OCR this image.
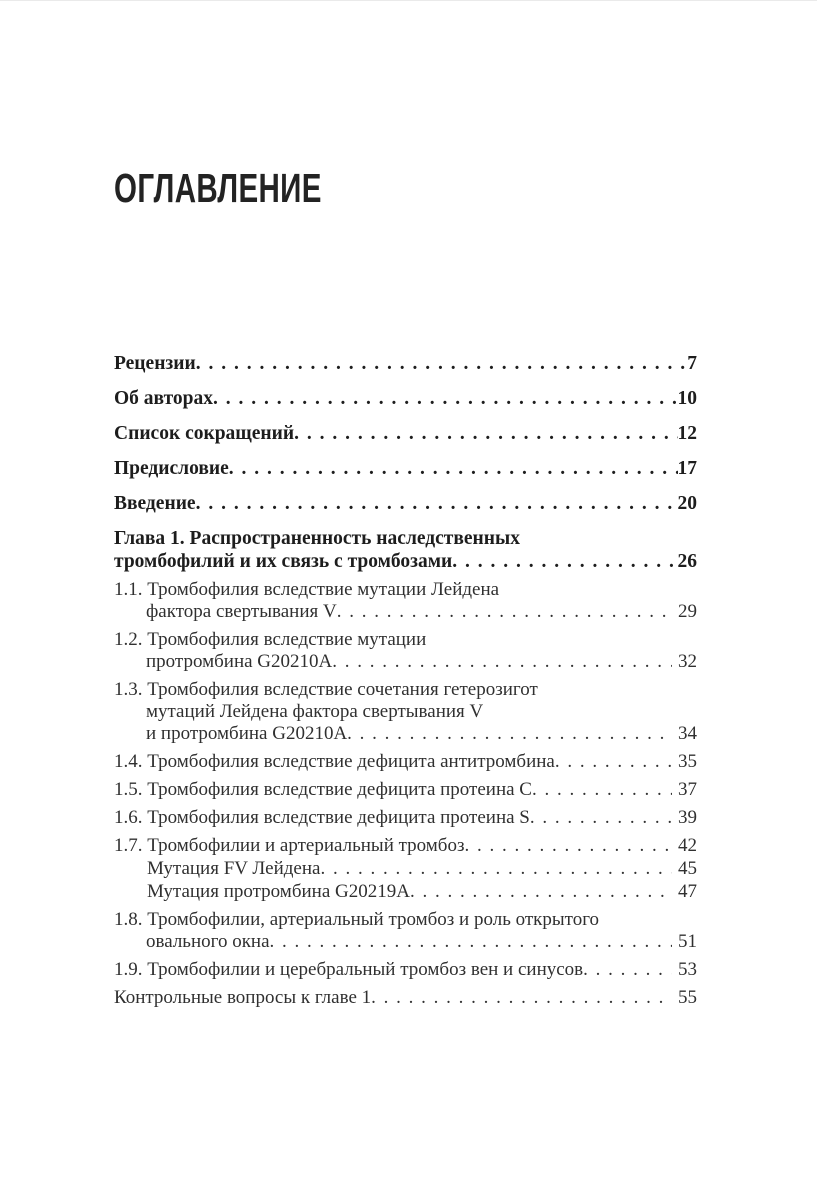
ОГЛАВЛЕНИЕ
Рецензии . . .	7
Об авторах . . .	10
Список сокращений . . .	12
Предисловие . . .	17
Введение . . .	20
Глава 1. Распространенность наследственных
тромбофилий и их связь с тромбозами . . .	26
1.1. Тромбофилия вследствие мутации Лейдена
фактора свертывания V . . .	29
1.2. Тромбофилия вследствие мутации
протромбина G20210A . . .	32
1.3. Тромбофилия вследствие сочетания гетерозигот
мутаций Лейдена фактора свертывания V
и протромбина G20210A . . .	34
1.4. Тромбофилия вследствие дефицита антитромбина . . .	35
1.5. Тромбофилия вследствие дефицита протеина C . . .	37
1.6. Тромбофилия вследствие дефицита протеина S . . .	39
1.7. Тромбофилии и артериальный тромбоз . . .	42
Мутация FV Лейдена . . .	45
Мутация протромбина G20219A . . .	47
1.8. Тромбофилии, артериальный тромбоз и роль открытого
овального окна . . .	51
1.9. Тромбофилии и церебральный тромбоз вен и синусов . . .	53
Контрольные вопросы к главе 1 . . .	55
